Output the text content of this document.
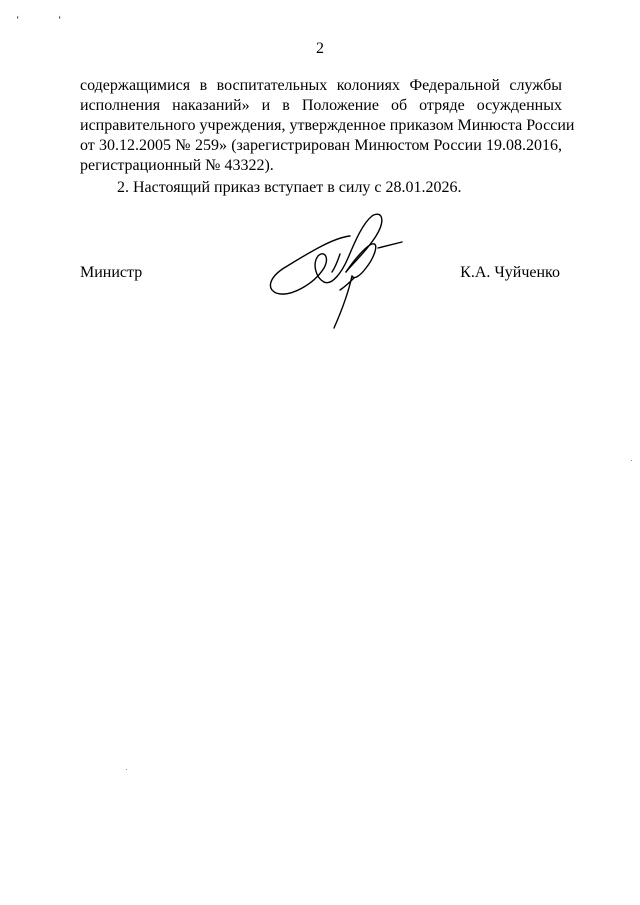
ʻ	ʻ
2
содержащимися в воспитательных колониях Федеральной службы
исполнения наказаний» и в Положение об отряде осужденных
исправительного учреждения, утвержденное приказом Минюста России
от 30.12.2005 № 259» (зарегистрирован Минюстом России 19.08.2016,
регистрационный № 43322).
2. Настоящий приказ вступает в силу с 28.01.2026.
Министр	К.А. Чуйченко
